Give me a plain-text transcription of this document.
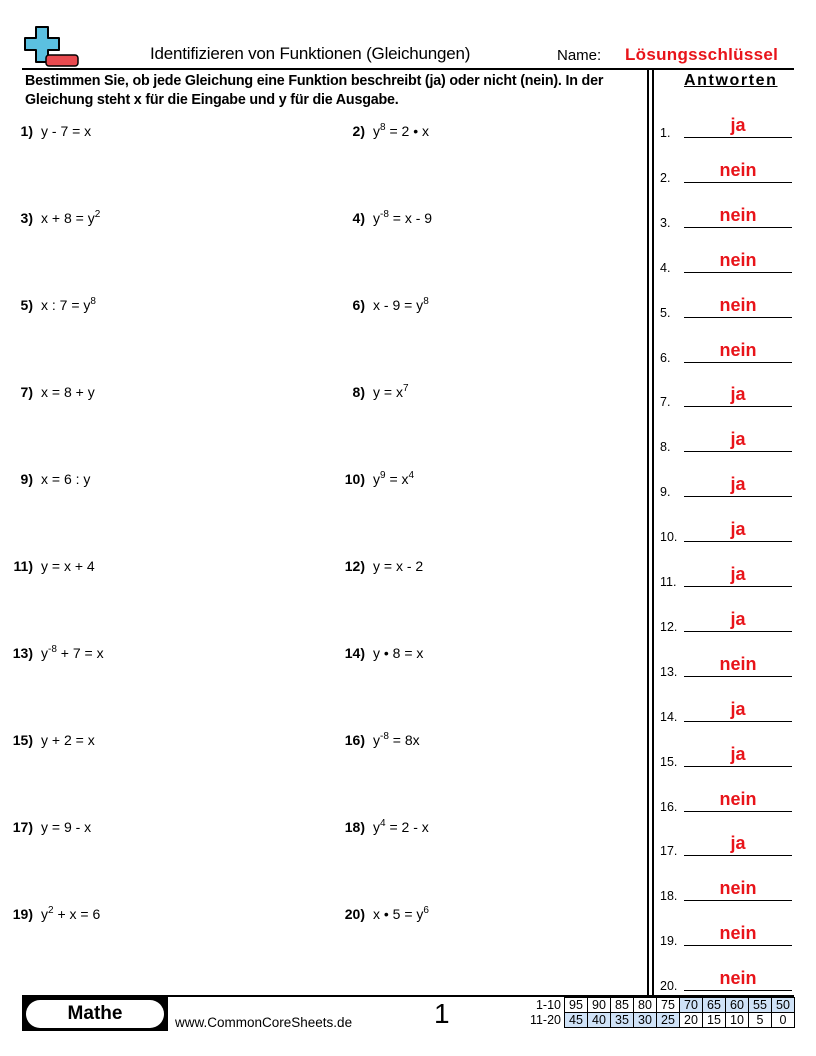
Identifizieren von Funktionen (Gleichungen)	Name: Lösungsschlüssel
Bestimmen Sie, ob jede Gleichung eine Funktion beschreibt (ja) oder nicht (nein). In der Gleichung steht x für die Eingabe und y für die Ausgabe.
Antworten
1) y - 7 = x	2) $y^8 = 2$ • x
3) $x + 8 = y^2$	4) $y^{-8} = x - 9$
5) x : $7 = y^8$	6) $x - 9 = y^8$
7) x = 8 + y	8) $y = x^7$
9) x = 6 : y	10) $y^9 = x^4$
11) y = x + 4	12) y = x - 2
13) $y^{-8} + 7 = x$	14) y • 8 = x
15) y + 2 = x	16) $y^{-8} = 8x$
17) y = 9 - x	18) $y^4 = 2 - x$
19) $y^2 + x = 6$	20) x • $5 = y^6$
1.	ja
2.	nein
3.	nein
4.	nein
5.	nein
6.	nein
7.	ja
8.	ja
9.	ja
10.	ja
11.	ja
12.	ja
13.	nein
14.	ja
15.	ja
16.	nein
17.	ja
18.	nein
19.	nein
20.	nein
Mathe	www.CommonCoreSheets.de	1	1-10	95	90	85	80	75	70	65	60	55	50
11-20	45	40	35	30	25	20	15	10	5	0
